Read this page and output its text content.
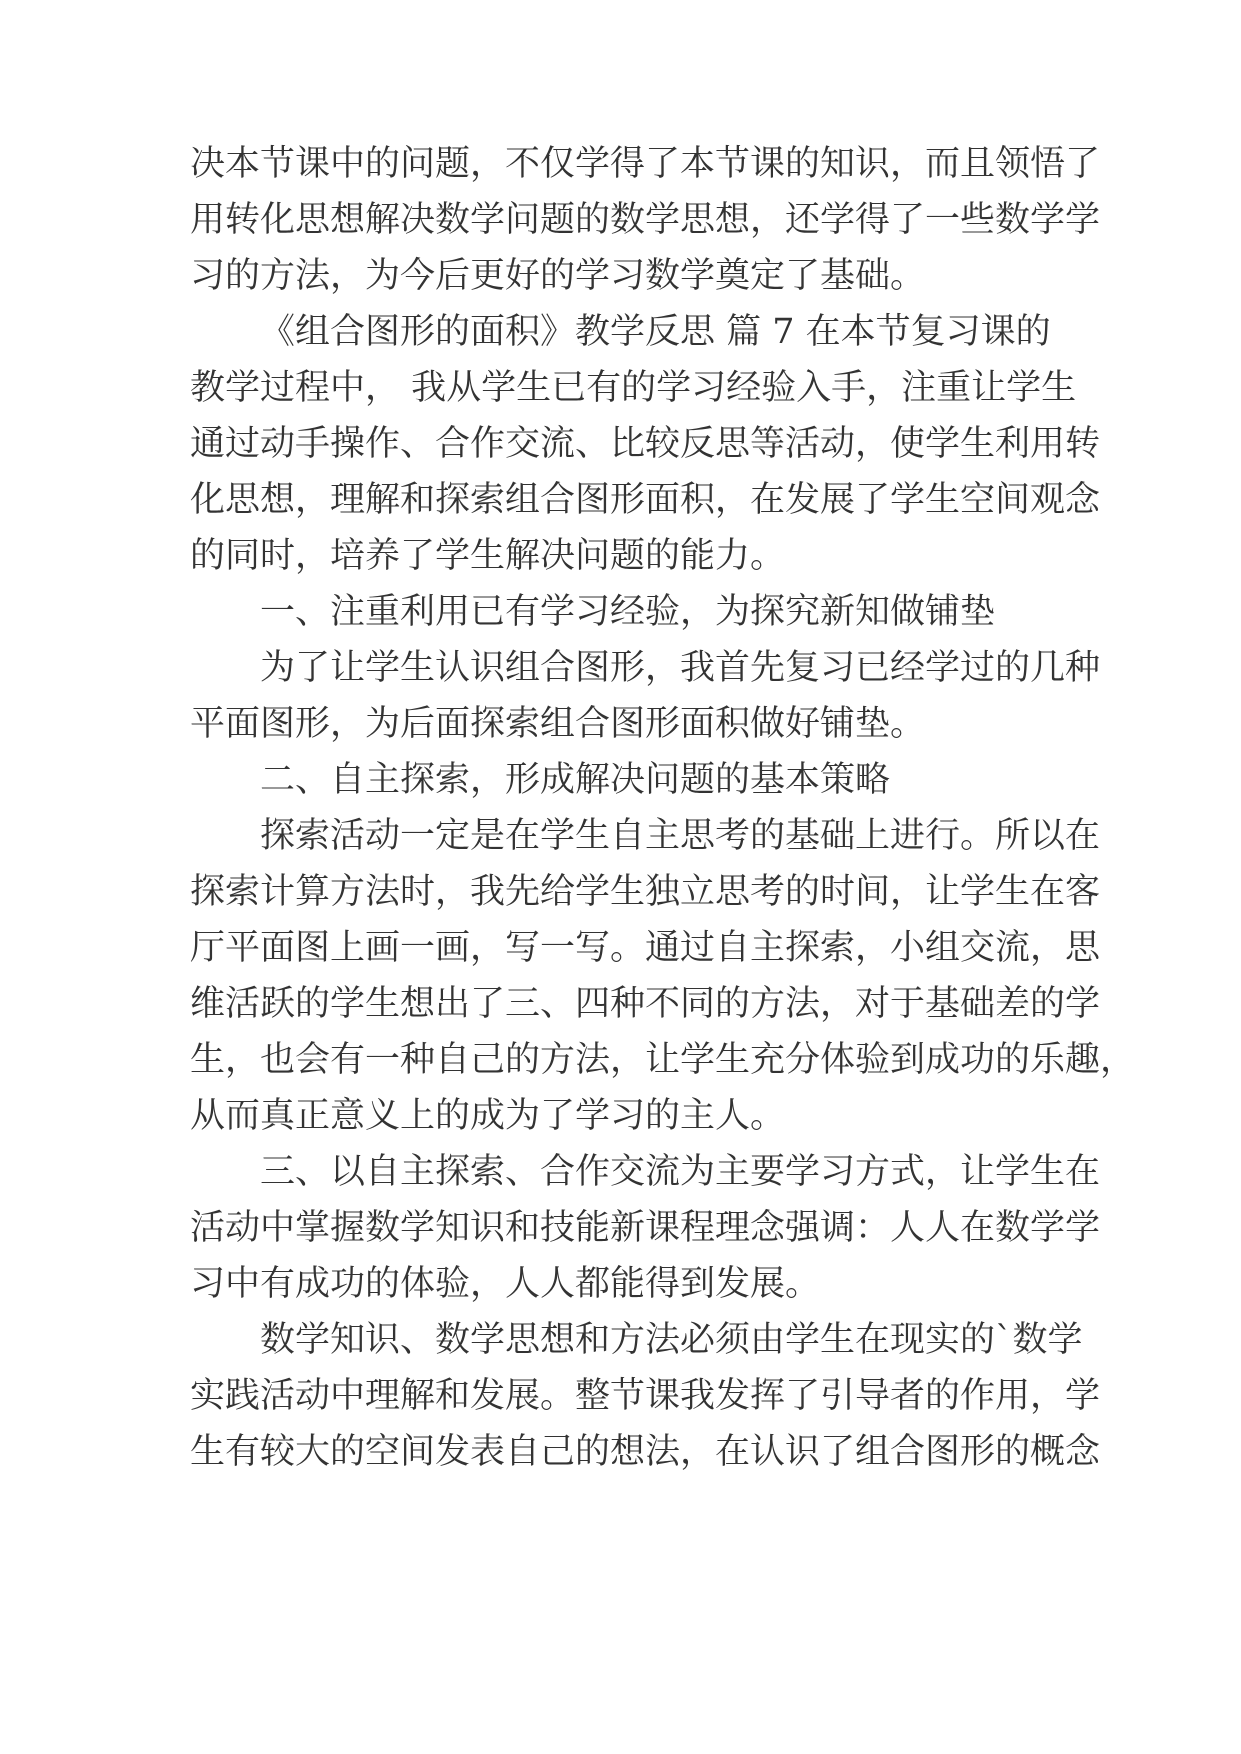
决本节课中的问题，不仅学得了本节课的知识，而且领悟了
用转化思想解决数学问题的数学思想，还学得了一些数学学
习的方法，为今后更好的学习数学奠定了基础。
《组合图形的面积》教学反思 篇 7 在本节复习课的
教学过程中， 我从学生已有的学习经验入手，注重让学生
通过动手操作、合作交流、比较反思等活动，使学生利用转
化思想，理解和探索组合图形面积，在发展了学生空间观念
的同时，培养了学生解决问题的能力。
一、注重利用已有学习经验，为探究新知做铺垫
为了让学生认识组合图形，我首先复习已经学过的几种
平面图形，为后面探索组合图形面积做好铺垫。
二、自主探索，形成解决问题的基本策略
探索活动一定是在学生自主思考的基础上进行。所以在
探索计算方法时，我先给学生独立思考的时间，让学生在客
厅平面图上画一画，写一写。通过自主探索，小组交流，思
维活跃的学生想出了三、四种不同的方法，对于基础差的学
生，也会有一种自己的方法，让学生充分体验到成功的乐趣，
从而真正意义上的成为了学习的主人。
三、以自主探索、合作交流为主要学习方式，让学生在
活动中掌握数学知识和技能新课程理念强调：人人在数学学
习中有成功的体验，人人都能得到发展。
数学知识、数学思想和方法必须由学生在现实的`数学
实践活动中理解和发展。整节课我发挥了引导者的作用，学
生有较大的空间发表自己的想法，在认识了组合图形的概念
